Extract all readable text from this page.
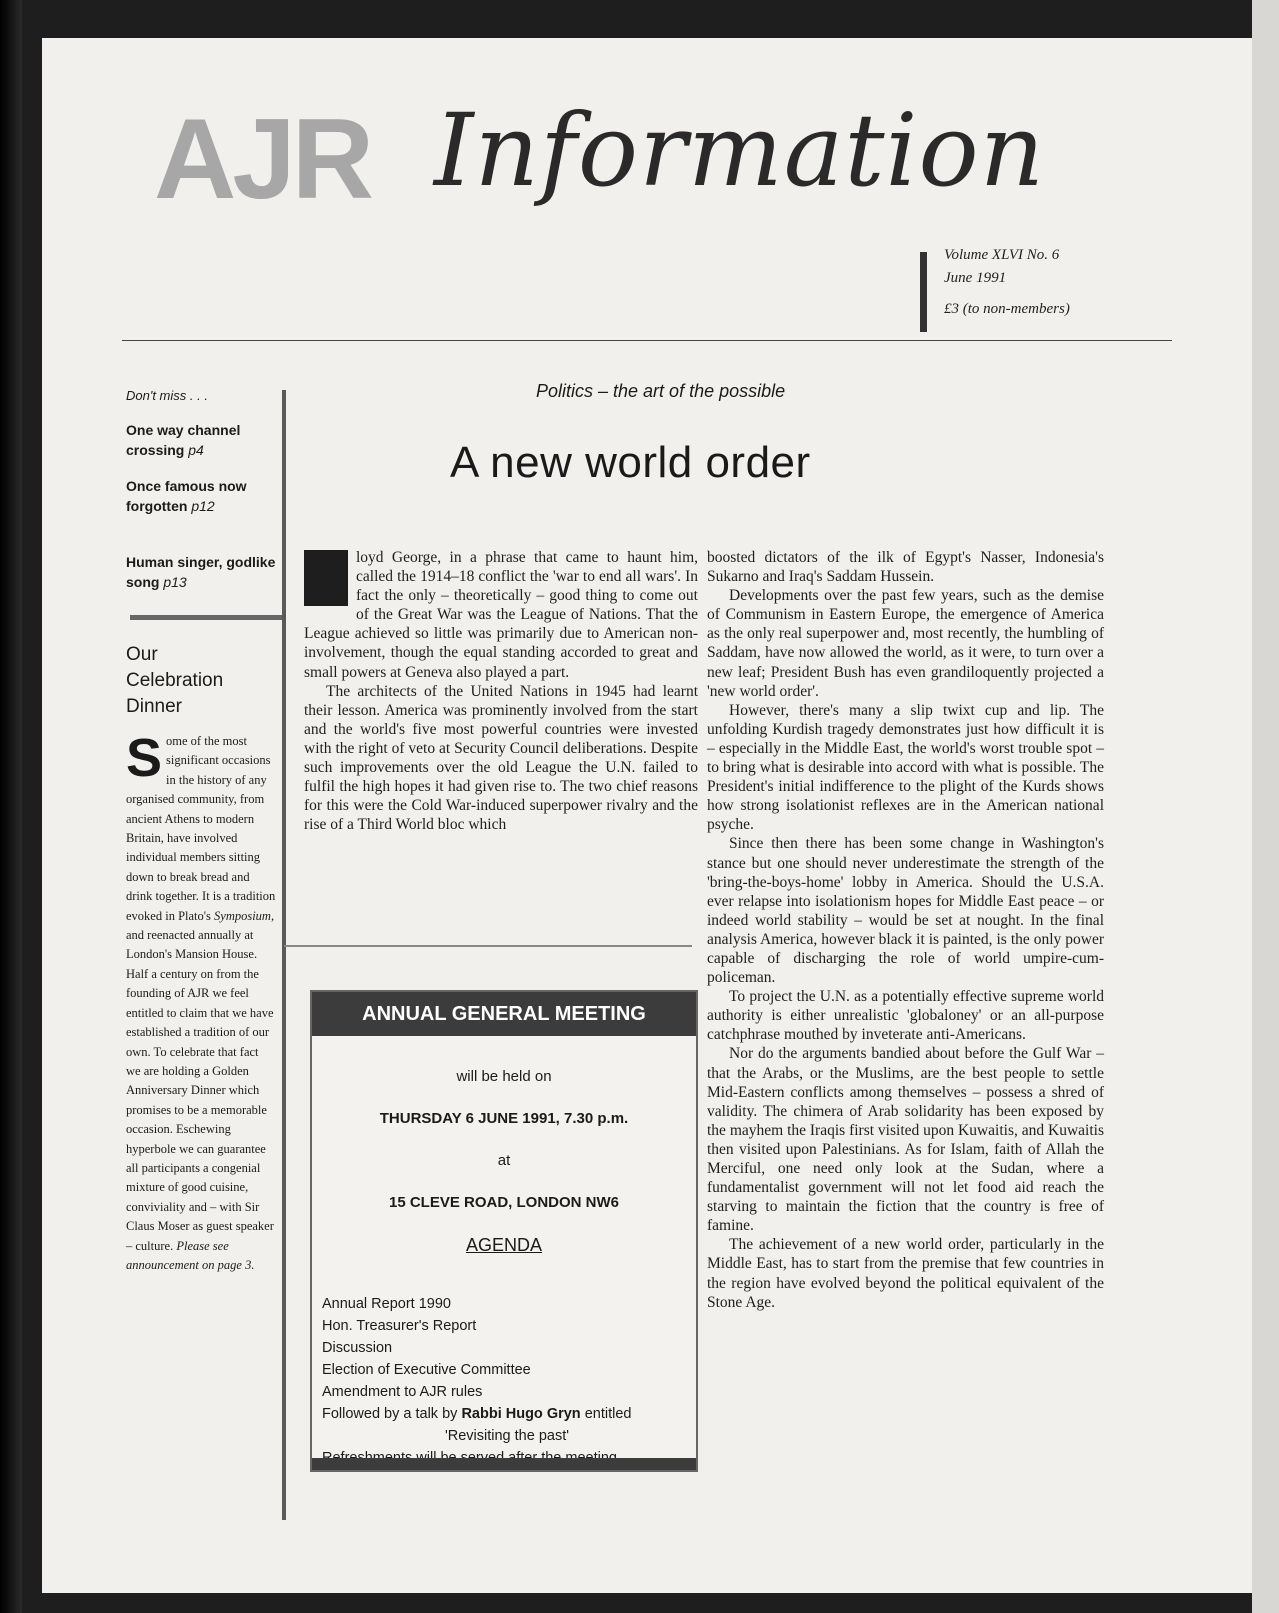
AJR Information
Volume XLVI No. 6
June 1991
£3 (to non-members)
Don't miss . . .
One way channel crossing p4
Once famous now forgotten p12
Human singer, godlike song p13
Our
Celebration
Dinner
Some of the most significant occasions in the history of any organised community, from ancient Athens to modern Britain, have involved individual members sitting down to break bread and drink together. It is a tradition evoked in Plato's Symposium, and reenacted annually at London's Mansion House. Half a century on from the founding of AJR we feel entitled to claim that we have established a tradition of our own. To celebrate that fact we are holding a Golden Anniversary Dinner which promises to be a memorable occasion. Eschewing hyperbole we can guarantee all participants a congenial mixture of good cuisine, conviviality and – with Sir Claus Moser as guest speaker – culture. Please see announcement on page 3.
Politics – the art of the possible
A new world order

loyd George, in a phrase that came to haunt him, called the 1914–18 conflict the 'war to end all wars'. In fact the only – theoretically – good thing to come out of the Great War was the League of Nations. That the League achieved so little was primarily due to American non-involvement, though the equal standing accorded to great and small powers at Geneva also played a part.

The architects of the United Nations in 1945 had learnt their lesson. America was prominently involved from the start and the world's five most powerful countries were invested with the right of veto at Security Council deliberations. Despite such improvements over the old League the U.N. failed to fulfil the high hopes it had given rise to. The two chief reasons for this were the Cold War-induced superpower rivalry and the rise of a Third World bloc which

boosted dictators of the ilk of Egypt's Nasser, Indonesia's Sukarno and Iraq's Saddam Hussein.

Developments over the past few years, such as the demise of Communism in Eastern Europe, the emergence of America as the only real superpower and, most recently, the humbling of Saddam, have now allowed the world, as it were, to turn over a new leaf; President Bush has even grandiloquently projected a 'new world order'.

However, there's many a slip twixt cup and lip. The unfolding Kurdish tragedy demonstrates just how difficult it is – especially in the Middle East, the world's worst trouble spot – to bring what is desirable into accord with what is possible. The President's initial indifference to the plight of the Kurds shows how strong isolationist reflexes are in the American national psyche.

Since then there has been some change in Washington's stance but one should never underestimate the strength of the 'bring-the-boys-home' lobby in America. Should the U.S.A. ever relapse into isolationism hopes for Middle East peace – or indeed world stability – would be set at nought. In the final analysis America, however black it is painted, is the only power capable of discharging the role of world umpire-cum-policeman.

To project the U.N. as a potentially effective supreme world authority is either unrealistic 'globaloney' or an all-purpose catchphrase mouthed by inveterate anti-Americans.

Nor do the arguments bandied about before the Gulf War – that the Arabs, or the Muslims, are the best people to settle Mid-Eastern conflicts among themselves – possess a shred of validity. The chimera of Arab solidarity has been exposed by the mayhem the Iraqis first visited upon Kuwaitis, and Kuwaitis then visited upon Palestinians. As for Islam, faith of Allah the Merciful, one need only look at the Sudan, where a fundamentalist government will not let food aid reach the starving to maintain the fiction that the country is free of famine.

The achievement of a new world order, particularly in the Middle East, has to start from the premise that few countries in the region have evolved beyond the political equivalent of the Stone Age.

ANNUAL GENERAL MEETING
will be held on
THURSDAY 6 JUNE 1991, 7.30 p.m.
at
15 CLEVE ROAD, LONDON NW6
AGENDA
Annual Report 1990
Hon. Treasurer's Report
Discussion
Election of Executive Committee
Amendment to AJR rules
Followed by a talk by Rabbi Hugo Gryn entitled
'Revisiting the past'
